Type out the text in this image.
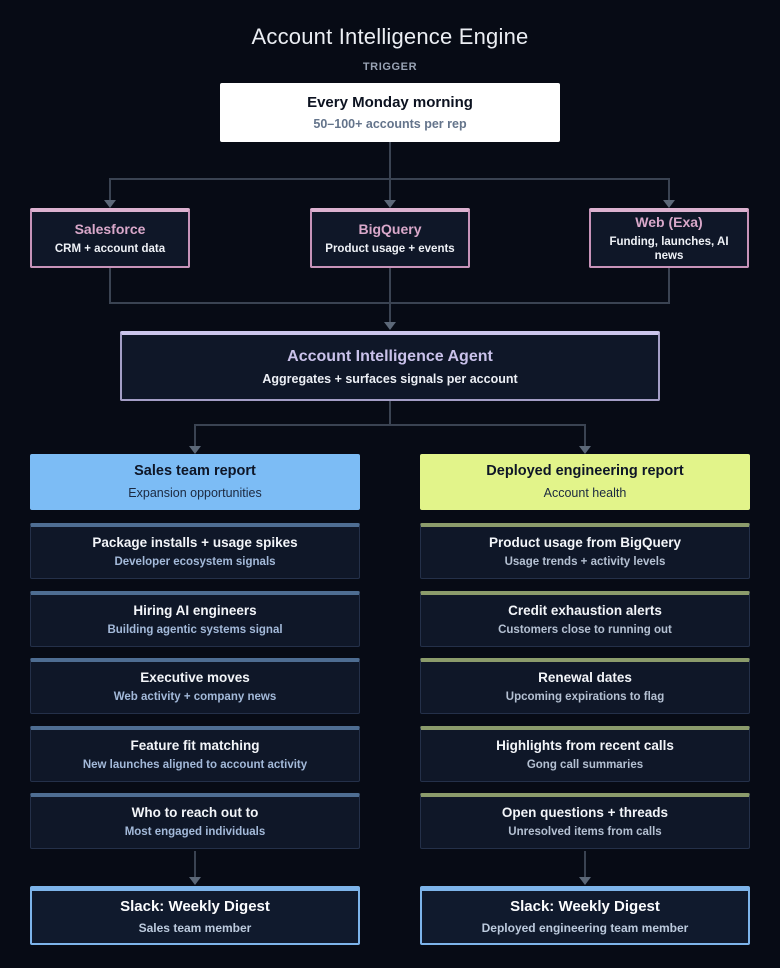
Account Intelligence Engine
TRIGGER
Every Monday morning
50–100+ accounts per rep
Salesforce
CRM + account data
BigQuery
Product usage + events
Web (Exa)
Funding, launches, AI news
Account Intelligence Agent
Aggregates + surfaces signals per account
Sales team report
Expansion opportunities
Deployed engineering report
Account health
Package installs + usage spikes
Developer ecosystem signals
Hiring AI engineers
Building agentic systems signal
Executive moves
Web activity + company news
Feature fit matching
New launches aligned to account activity
Who to reach out to
Most engaged individuals
Product usage from BigQuery
Usage trends + activity levels
Credit exhaustion alerts
Customers close to running out
Renewal dates
Upcoming expirations to flag
Highlights from recent calls
Gong call summaries
Open questions + threads
Unresolved items from calls
Slack: Weekly Digest
Sales team member
Slack: Weekly Digest
Deployed engineering team member
